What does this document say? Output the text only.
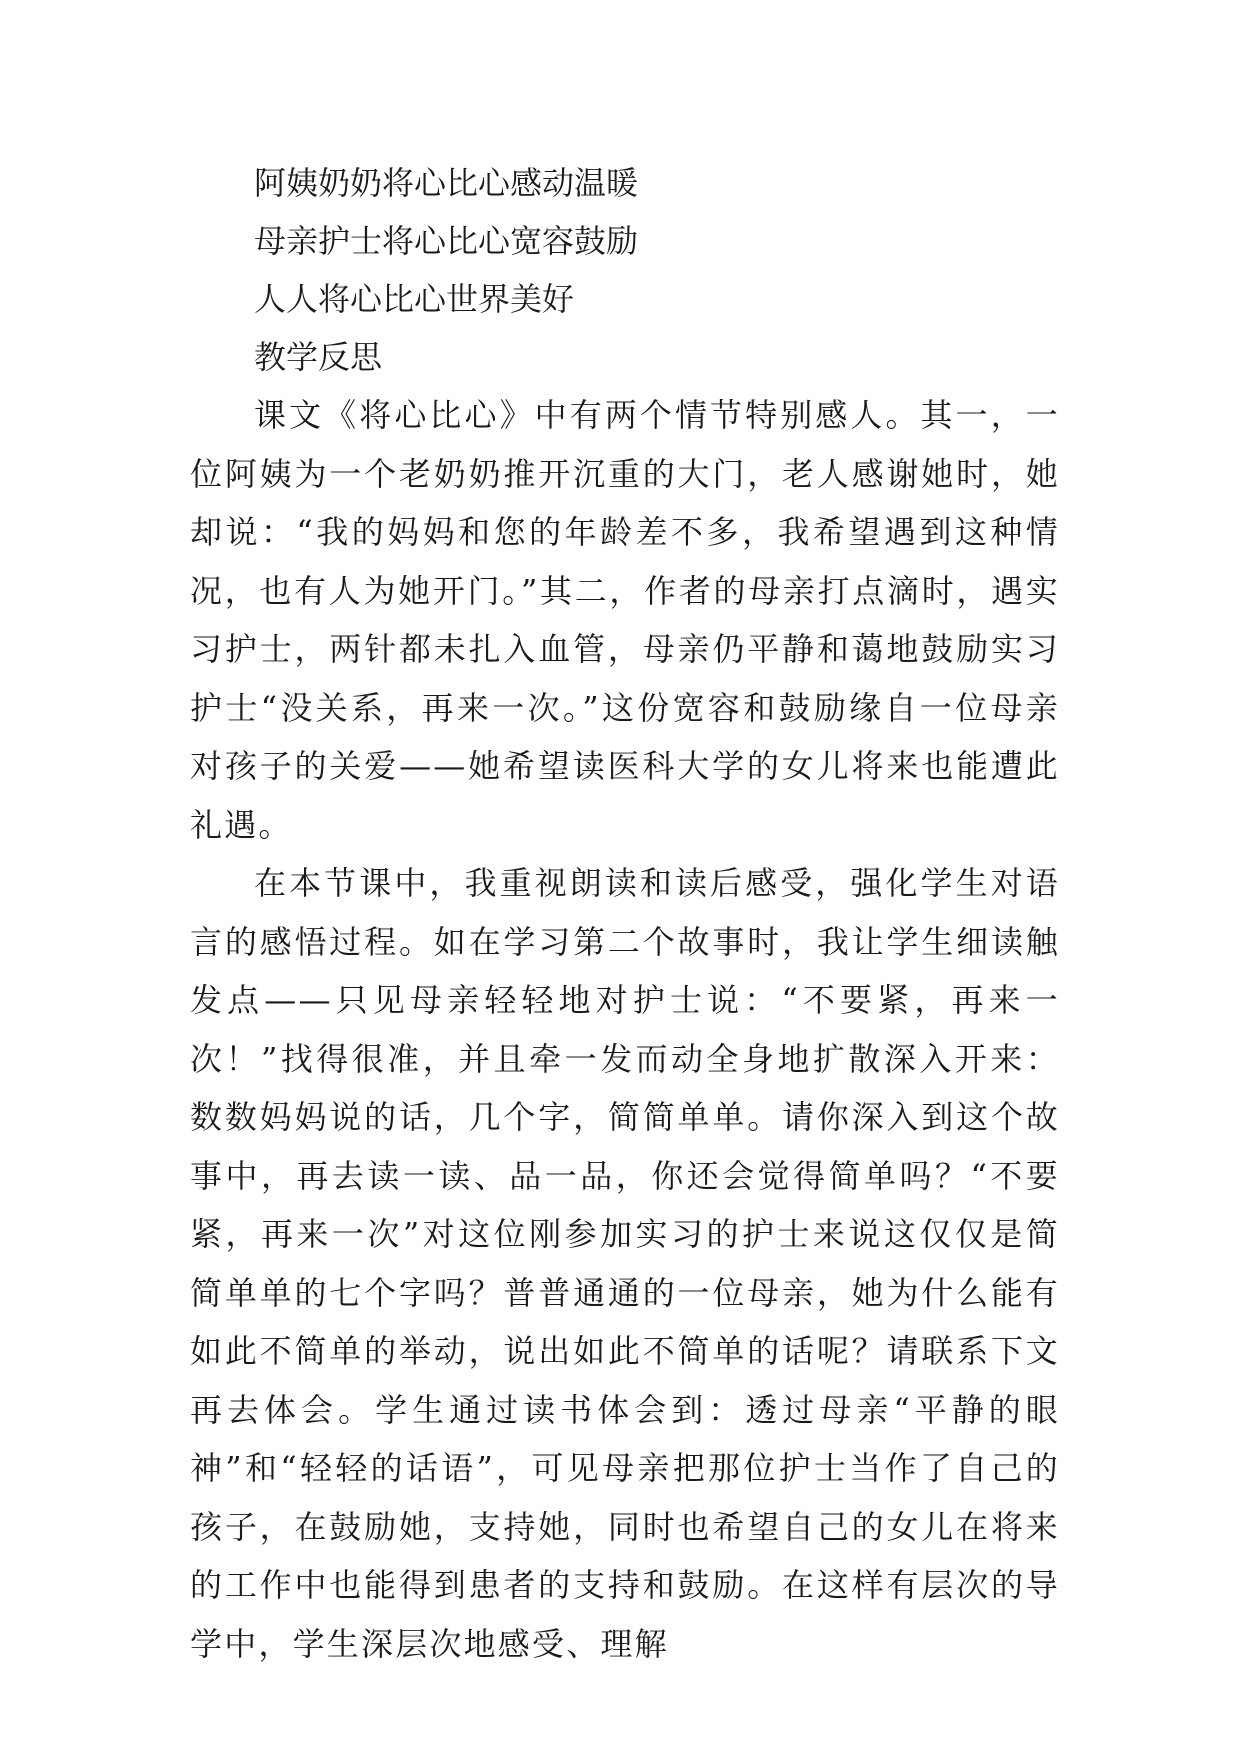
阿姨奶奶将心比心感动温暖

母亲护士将心比心宽容鼓励

人人将心比心世界美好

教学反思

课文《将心比心》中有两个情节特别感人。其一，一位阿姨为一个老奶奶推开沉重的大门，老人感谢她时，她却说：“我的妈妈和您的年龄差不多，我希望遇到这种情况，也有人为她开门。”其二，作者的母亲打点滴时，遇实习护士，两针都未扎入血管，母亲仍平静和蔼地鼓励实习护士“没关系，再来一次。”这份宽容和鼓励缘自一位母亲对孩子的关爱——她希望读医科大学的女儿将来也能遭此礼遇。

在本节课中，我重视朗读和读后感受，强化学生对语言的感悟过程。如在学习第二个故事时，我让学生细读触发点——只见母亲轻轻地对护士说：“不要紧，再来一次！”找得很准，并且牵一发而动全身地扩散深入开来：数数妈妈说的话，几个字，简简单单。请你深入到这个故事中，再去读一读、品一品，你还会觉得简单吗？“不要紧，再来一次”对这位刚参加实习的护士来说这仅仅是简简单单的七个字吗？普普通通的一位母亲，她为什么能有如此不简单的举动，说出如此不简单的话呢？请联系下文再去体会。学生通过读书体会到：透过母亲“平静的眼神”和“轻轻的话语”，可见母亲把那位护士当作了自己的孩子，在鼓励她，支持她，同时也希望自己的女儿在将来的工作中也能得到患者的支持和鼓励。在这样有层次的导学中，学生深层次地感受、理解
